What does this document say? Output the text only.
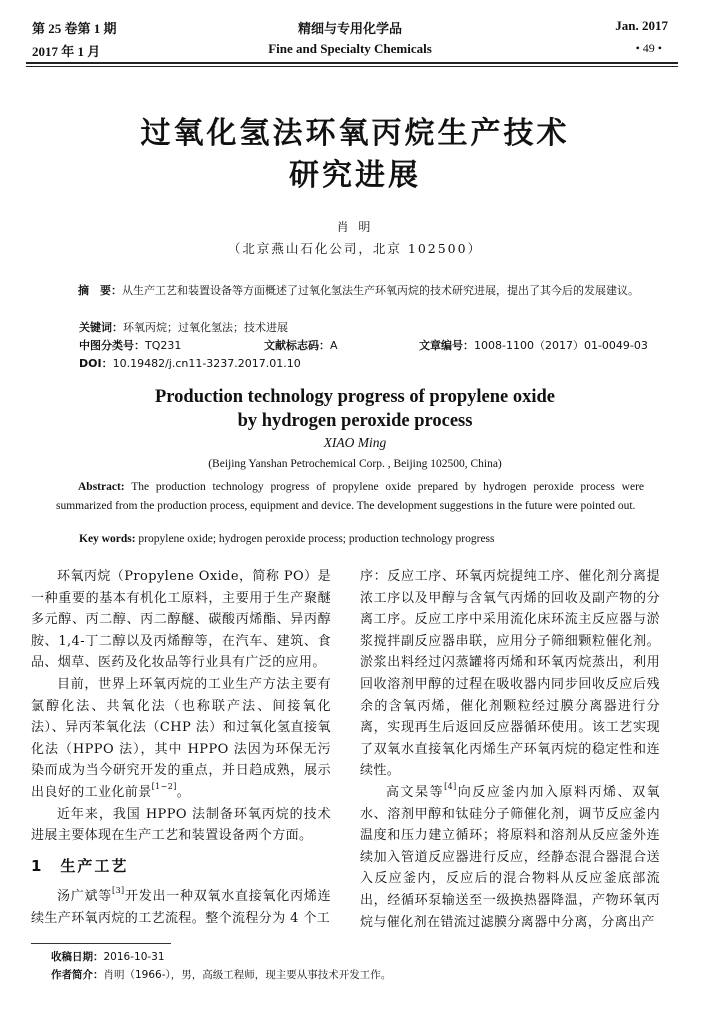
第 25 卷第 1 期
2017 年 1 月
精细与专用化学品
Fine and Specialty Chemicals
Jan. 2017
• 49 •
过氧化氢法环氧丙烷生产技术
研究进展
肖 明
（北京燕山石化公司，北京 102500）
摘　要：从生产工艺和装置设备等方面概述了过氧化氢法生产环氧丙烷的技术研究进展，提出了其今后的发展建议。
关键词：环氧丙烷；过氧化氢法；技术进展
中图分类号：TQ231	文献标志码：A	文章编号：1008-1100（2017）01-0049-03
DOI：10.19482/j.cn11-3237.2017.01.10
Production technology progress of propylene oxide
by hydrogen peroxide process
XIAO Ming
(Beijing Yanshan Petrochemical Corp. , Beijing 102500, China)
Abstract: The production technology progress of propylene oxide prepared by hydrogen peroxide process were summarized from the production process, equipment and device. The development suggestions in the future were pointed out.
Key words: propylene oxide; hydrogen peroxide process; production technology progress

环氧丙烷（Propylene Oxide，简称 PO）是一种重要的基本有机化工原料，主要用于生产聚醚多元醇、丙二醇、丙二醇醚、碳酸丙烯酯、异丙醇胺、1,4-丁二醇以及丙烯醇等，在汽车、建筑、食品、烟草、医药及化妆品等行业具有广泛的应用。

目前，世界上环氧丙烷的工业生产方法主要有氯醇化法、共氧化法（也称联产法、间接氧化法）、异丙苯氧化法（CHP 法）和过氧化氢直接氧化法（HPPO 法），其中 HPPO 法因为环保无污染而成为当今研究开发的重点，并日趋成熟，展示出良好的工业化前景[1~2]。

近年来，我国 HPPO 法制备环氧丙烷的技术进展主要体现在生产工艺和装置设备两个方面。

1　生产工艺

汤广斌等[3]开发出一种双氧水直接氧化丙烯连续生产环氧丙烷的工艺流程。整个流程分为 4 个工

序：反应工序、环氧丙烷提纯工序、催化剂分离提浓工序以及甲醇与含氧气丙烯的回收及副产物的分离工序。反应工序中采用流化床环流主反应器与淤浆搅拌副反应器串联，应用分子筛细颗粒催化剂。淤浆出料经过闪蒸罐将丙烯和环氧丙烷蒸出，利用回收溶剂甲醇的过程在吸收器内同步回收反应后残余的含氧丙烯，催化剂颗粒经过膜分离器进行分离，实现再生后返回反应器循环使用。该工艺实现了双氧水直接氧化丙烯生产环氧丙烷的稳定性和连续性。

高文杲等[4]向反应釜内加入原料丙烯、双氧水、溶剂甲醇和钛硅分子筛催化剂，调节反应釜内温度和压力建立循环；将原料和溶剂从反应釜外连续加入管道反应器进行反应，经静态混合器混合送入反应釜内，反应后的混合物料从反应釜底部流出，经循环泵输送至一级换热器降温，产物环氧丙烷与催化剂在错流过滤膜分离器中分离，分离出产

收稿日期：2016-10-31
作者简介：肖明（1966-），男，高级工程师，现主要从事技术开发工作。
